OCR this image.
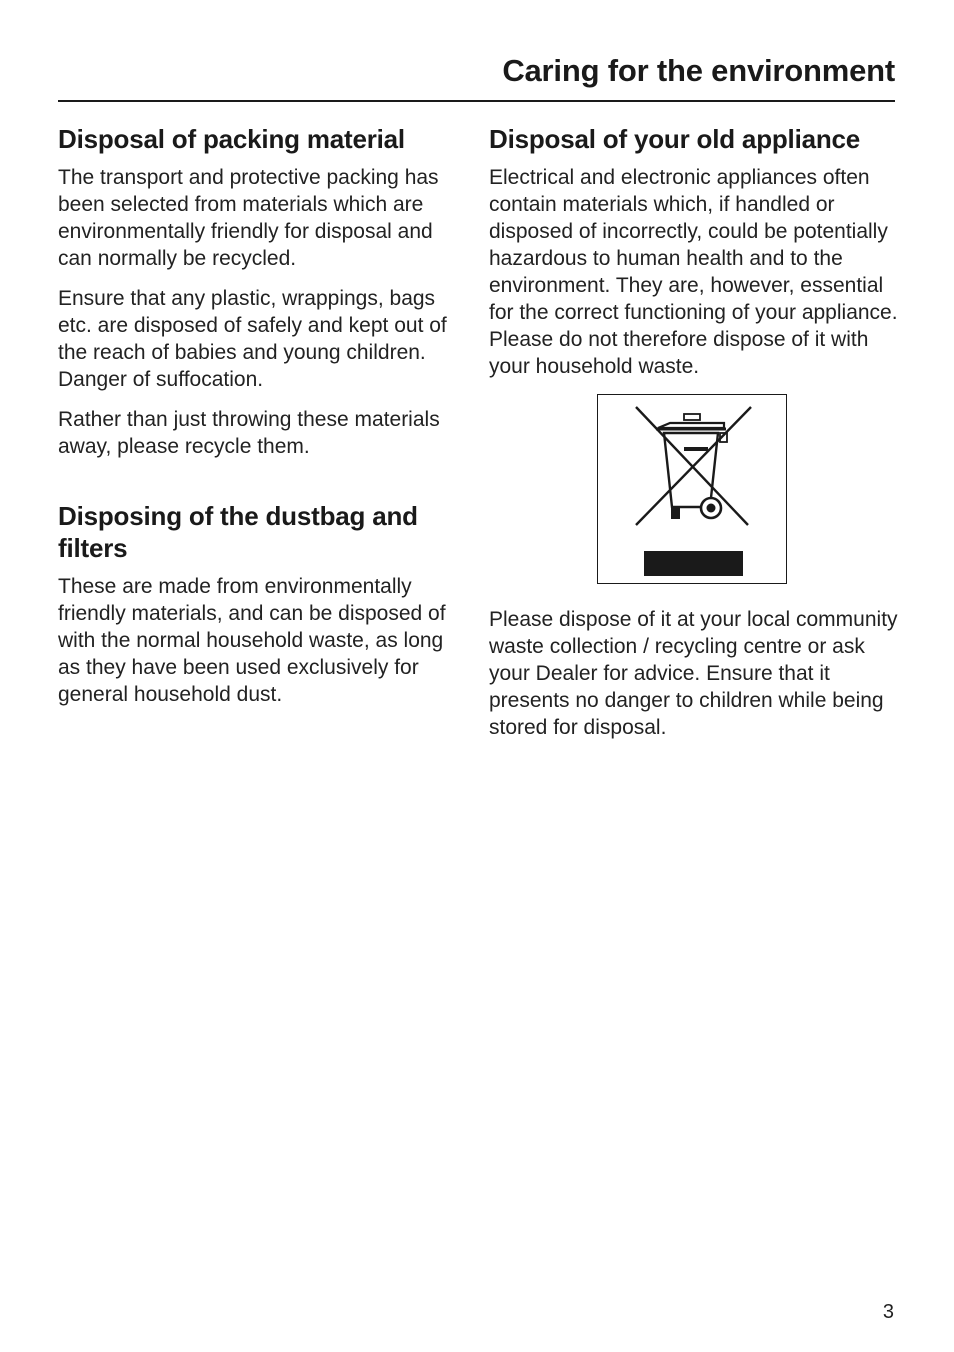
Caring for the environment
Disposal of packing material

The transport and protective packing has been selected from materials which are environmentally friendly for disposal and can normally be recycled.

Ensure that any plastic, wrappings, bags etc. are disposed of safely and kept out of the reach of babies and young children. Danger of suffocation.

Rather than just throwing these materials away, please recycle them.

Disposing of the dustbag and filters

These are made from environmentally friendly materials, and can be disposed of with the normal household waste, as long as they have been used exclusively for general household dust.

Disposal of your old appliance

Electrical and electronic appliances often contain materials which, if handled or disposed of incorrectly, could be potentially hazardous to human health and to the environment. They are, however, essential for the correct functioning of your appliance. Please do not therefore dispose of it with your household waste.

Please dispose of it at your local community waste collection / recycling centre or ask your Dealer for advice. Ensure that it presents no danger to children while being stored for disposal.

3
